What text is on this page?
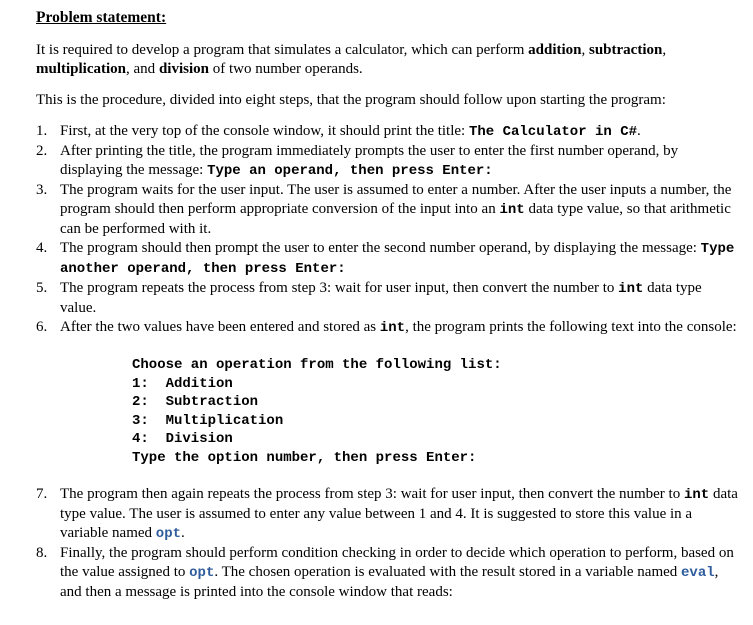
Problem statement:

It is required to develop a program that simulates a calculator, which can perform addition, subtraction, multiplication, and division of two number operands.

This is the procedure, divided into eight steps, that the program should follow upon starting the program:

1. First, at the very top of the console window, it should print the title: The Calculator in C#.
2. After printing the title, the program immediately prompts the user to enter the first number operand, by displaying the message: Type an operand, then press Enter:
3. The program waits for the user input. The user is assumed to enter a number. After the user inputs a number, the program should then perform appropriate conversion of the input into an int data type value, so that arithmetic can be performed with it.
4. The program should then prompt the user to enter the second number operand, by displaying the message: Type another operand, then press Enter:
5. The program repeats the process from step 3: wait for user input, then convert the number to int data type value.
6. After the two values have been entered and stored as int, the program prints the following text into the console:
Choose an operation from the following list:
1:  Addition
2:  Subtraction
3:  Multiplication
4:  Division
Type the option number, then press Enter:
7. The program then again repeats the process from step 3: wait for user input, then convert the number to int data type value. The user is assumed to enter any value between 1 and 4. It is suggested to store this value in a variable named opt.
8. Finally, the program should perform condition checking in order to decide which operation to perform, based on the value assigned to opt. The chosen operation is evaluated with the result stored in a variable named eval, and then a message is printed into the console window that reads:
